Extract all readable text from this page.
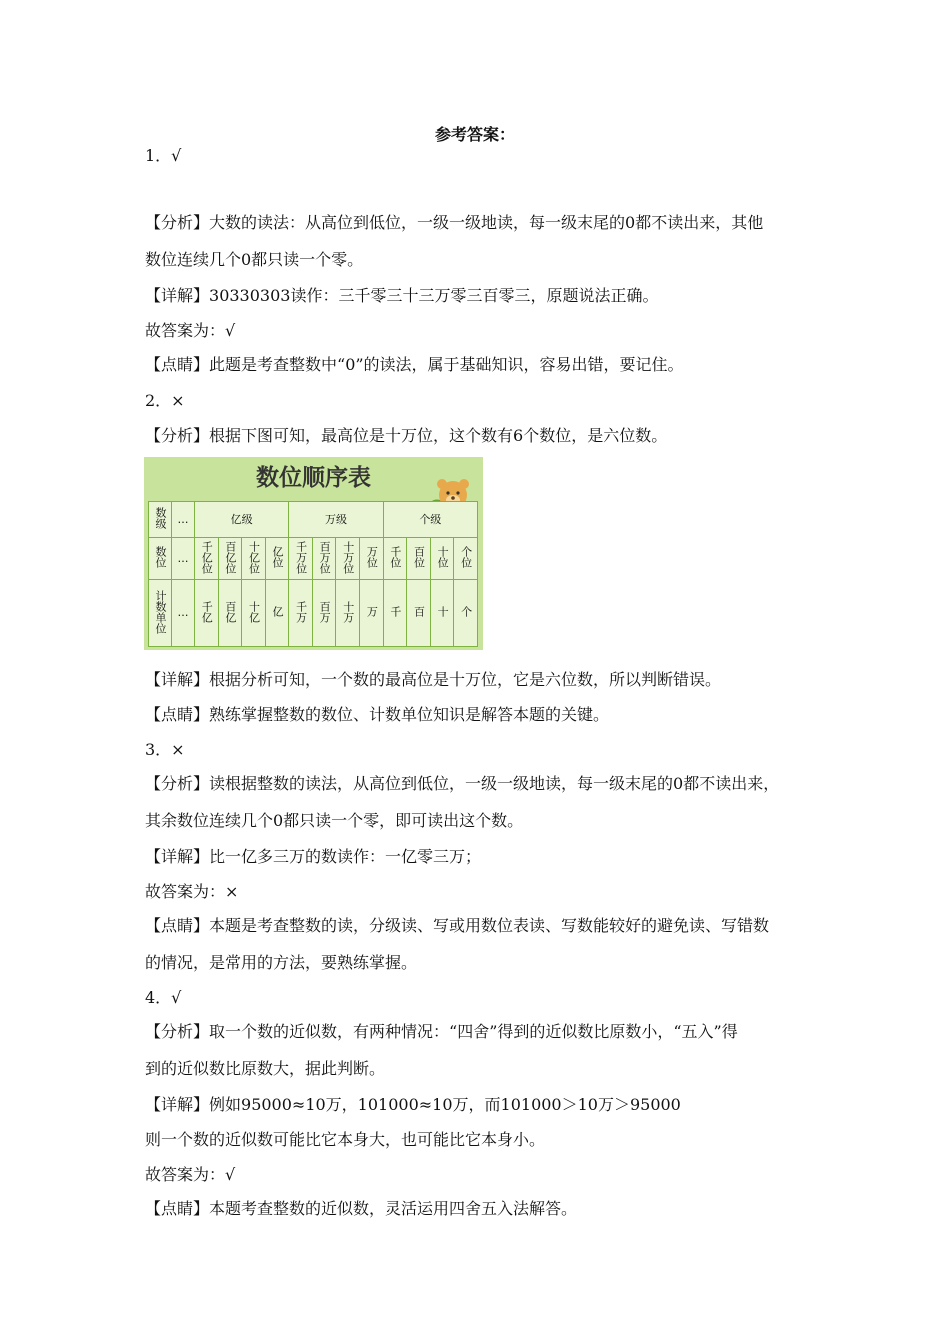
参考答案：
1．√
【分析】大数的读法：从高位到低位，一级一级地读，每一级末尾的0都不读出来，其他
数位连续几个0都只读一个零。
【详解】30330303读作：三千零三十三万零三百零三，原题说法正确。
故答案为：√
【点睛】此题是考查整数中“0”的读法，属于基础知识，容易出错，要记住。
2．×
【分析】根据下图可知，最高位是十万位，这个数有6个数位，是六位数。
数位顺序表
数级	…	亿级				万级				个级			
数位	…	千亿位	百亿位	十亿位	亿位	千万位	百万位	十万位	万位	千位	百位	十位	个位
计数单位	…	千亿	百亿	十亿	亿	千万	百万	十万	万	千	百	十	个
【详解】根据分析可知，一个数的最高位是十万位，它是六位数，所以判断错误。
【点睛】熟练掌握整数的数位、计数单位知识是解答本题的关键。
3．×
【分析】读根据整数的读法，从高位到低位，一级一级地读，每一级末尾的0都不读出来，
其余数位连续几个0都只读一个零，即可读出这个数。
【详解】比一亿多三万的数读作：一亿零三万；
故答案为：×
【点睛】本题是考查整数的读，分级读、写或用数位表读、写数能较好的避免读、写错数
的情况，是常用的方法，要熟练掌握。
4．√
【分析】取一个数的近似数，有两种情况：“四舍”得到的近似数比原数小，“五入”得
到的近似数比原数大，据此判断。
【详解】例如95000≈10万，101000≈10万，而101000＞10万＞95000
则一个数的近似数可能比它本身大，也可能比它本身小。
故答案为：√
【点睛】本题考查整数的近似数，灵活运用四舍五入法解答。
